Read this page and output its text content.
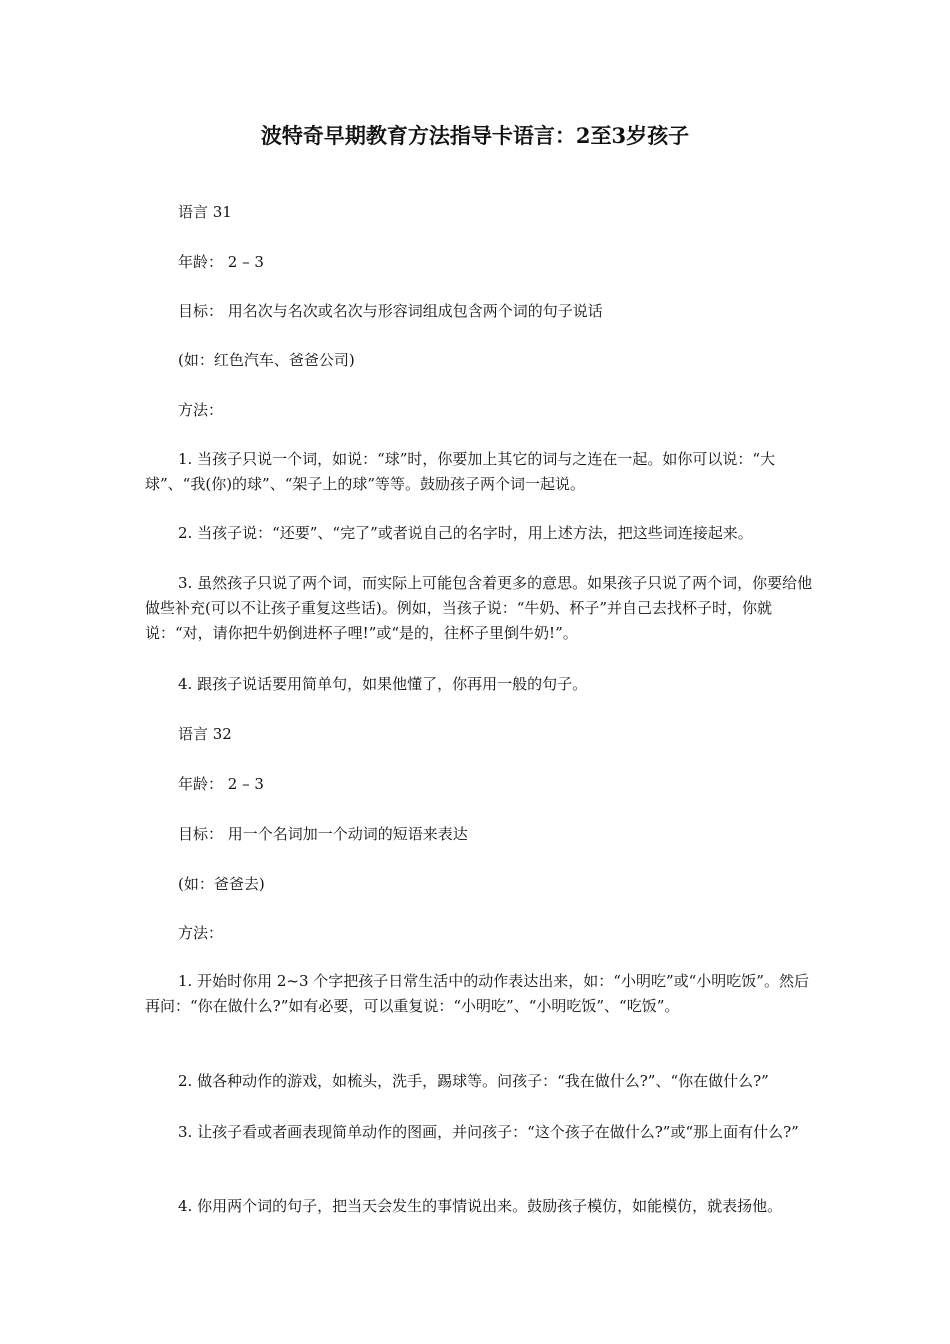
波特奇早期教育方法指导卡语言：2至3岁孩子

语言 31

年龄： 2 – 3

目标： 用名次与名次或名次与形容词组成包含两个词的句子说话

(如：红色汽车、爸爸公司)

方法：

1. 当孩子只说一个词，如说：“球”时，你要加上其它的词与之连在一起。如你可以说：“大球”、“我(你)的球”、“架子上的球”等等。鼓励孩子两个词一起说。

2. 当孩子说：“还要”、“完了”或者说自己的名字时，用上述方法，把这些词连接起来。

3. 虽然孩子只说了两个词，而实际上可能包含着更多的意思。如果孩子只说了两个词，你要给他做些补充(可以不让孩子重复这些话)。例如，当孩子说：“牛奶、杯子”并自己去找杯子时，你就说：“对，请你把牛奶倒进杯子哩!”或“是的，往杯子里倒牛奶!”。

4. 跟孩子说话要用简单句，如果他懂了，你再用一般的句子。

语言 32

年龄： 2 – 3

目标： 用一个名词加一个动词的短语来表达

(如：爸爸去)

方法：

1. 开始时你用 2~3 个字把孩子日常生活中的动作表达出来，如：“小明吃”或“小明吃饭”。然后再问：“你在做什么?”如有必要，可以重复说：“小明吃”、“小明吃饭”、“吃饭”。

2. 做各种动作的游戏，如梳头，洗手，踢球等。问孩子：“我在做什么?”、“你在做什么?”

3. 让孩子看或者画表现简单动作的图画，并问孩子：“这个孩子在做什么?”或“那上面有什么?”

4. 你用两个词的句子，把当天会发生的事情说出来。鼓励孩子模仿，如能模仿，就表扬他。
